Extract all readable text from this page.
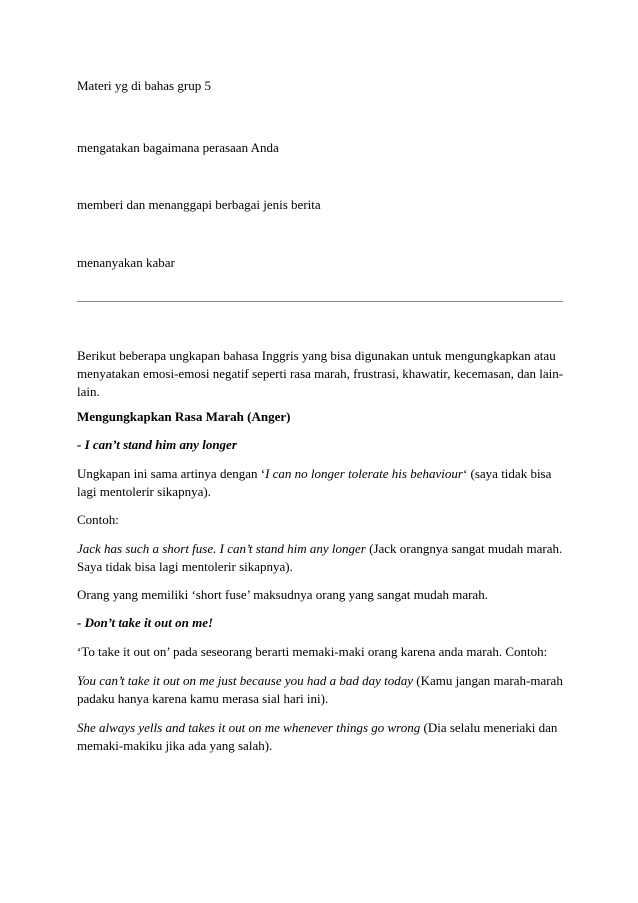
Materi yg di bahas grup 5
mengatakan bagaimana perasaan Anda
memberi dan menanggapi berbagai jenis berita
menanyakan kabar
Berikut beberapa ungkapan bahasa Inggris yang bisa digunakan untuk mengungkapkan atau
menyatakan emosi-emosi negatif seperti rasa marah, frustrasi, khawatir, kecemasan, dan lain-
lain.
Mengungkapkan Rasa Marah (Anger)
- I can’t stand him any longer
Ungkapan ini sama artinya dengan ‘I can no longer tolerate his behaviour‘ (saya tidak bisa
lagi mentolerir sikapnya).
Contoh:
Jack has such a short fuse. I can’t stand him any longer (Jack orangnya sangat mudah marah.
Saya tidak bisa lagi mentolerir sikapnya).
Orang yang memiliki ‘short fuse’ maksudnya orang yang sangat mudah marah.
- Don’t take it out on me!
‘To take it out on’ pada seseorang berarti memaki-maki orang karena anda marah. Contoh:
You can’t take it out on me just because you had a bad day today (Kamu jangan marah-marah
padaku hanya karena kamu merasa sial hari ini).
She always yells and takes it out on me whenever things go wrong (Dia selalu meneriaki dan
memaki-makiku jika ada yang salah).
